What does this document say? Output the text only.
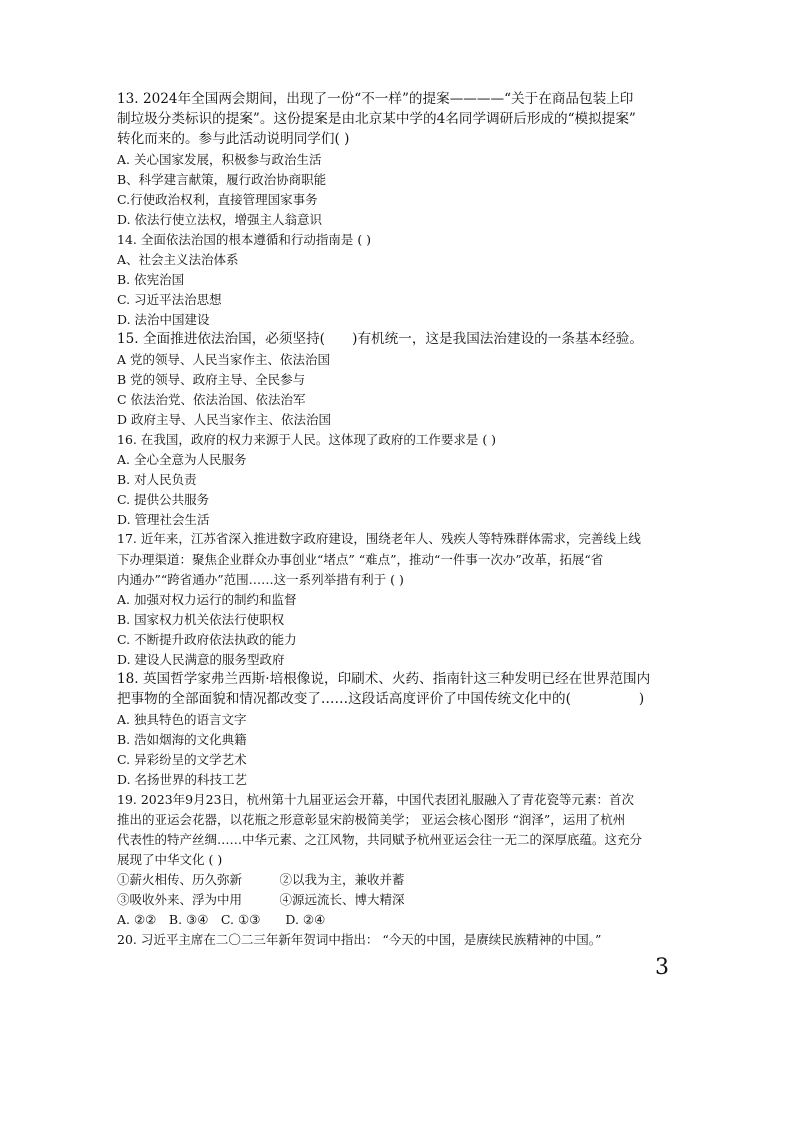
13. 2024年全国两会期间，出现了一份“不一样”的提案————“关于在商品包装上印
制垃圾分类标识的提案”。这份提案是由北京某中学的4名同学调研后形成的“模拟提案”
转化而来的。参与此活动说明同学们( )
A. 关心国家发展，积极参与政治生活
B、科学建言献策，履行政治协商职能
C.行使政治权利，直接管理国家事务
D. 依法行使立法权，增强主人翁意识
14. 全面依法治国的根本遵循和行动指南是 ( )
A、社会主义法治体系
B. 依宪治国
C. 习近平法治思想
D. 法治中国建设
15. 全面推进依法治国，必须坚持(　　)有机统一，这是我国法治建设的一条基本经验。
A 党的领导、人民当家作主、依法治国
B 党的领导、政府主导、全民参与
C 依法治党、依法治国、依法治军
D 政府主导、人民当家作主、依法治国
16. 在我国，政府的权力来源于人民。这体现了政府的工作要求是 ( )
A. 全心全意为人民服务
B. 对人民负责
C. 提供公共服务
D. 管理社会生活
17. 近年来，江苏省深入推进数字政府建设，围绕老年人、残疾人等特殊群体需求，完善线上线
下办理渠道：聚焦企业群众办事创业“堵点” “难点”，推动“一件事一次办”改革，拓展“省
内通办”“跨省通办”范围……这一系列举措有利于 ( )
A. 加强对权力运行的制约和监督
B. 国家权力机关依法行使职权
C. 不断提升政府依法执政的能力
D. 建设人民满意的服务型政府
18. 英国哲学家弗兰西斯·培根像说，印刷术、火药、指南针这三种发明已经在世界范围内
把事物的全部面貌和情况都改变了……这段话高度评价了中国传统文化中的(　　　　　)
A. 独具特色的语言文字
B. 浩如烟海的文化典籍
C. 异彩纷呈的文学艺术
D. 名扬世界的科技工艺
19. 2023年9月23日，杭州第十九届亚运会开幕，中国代表团礼服融入了青花瓷等元素：首次
推出的亚运会花器，以花瓶之形意彰显宋韵极简美学； 亚运会核心图形 “润泽”，运用了杭州
代表性的特产丝绸……中华元素、之江风物，共同赋予杭州亚运会往一无二的深厚底蕴。这充分
展现了中华文化 ( )
①薪火相传、历久弥新　　　②以我为主，兼收并蓄
③吸收外来、浮为中用　　　④源远流长、博大精深
A. ②②　B. ③④　C. ①③　　D. ②④
20. 习近平主席在二〇二三年新年贺词中指出： “今天的中国，是赓续民族精神的中国。”
3
